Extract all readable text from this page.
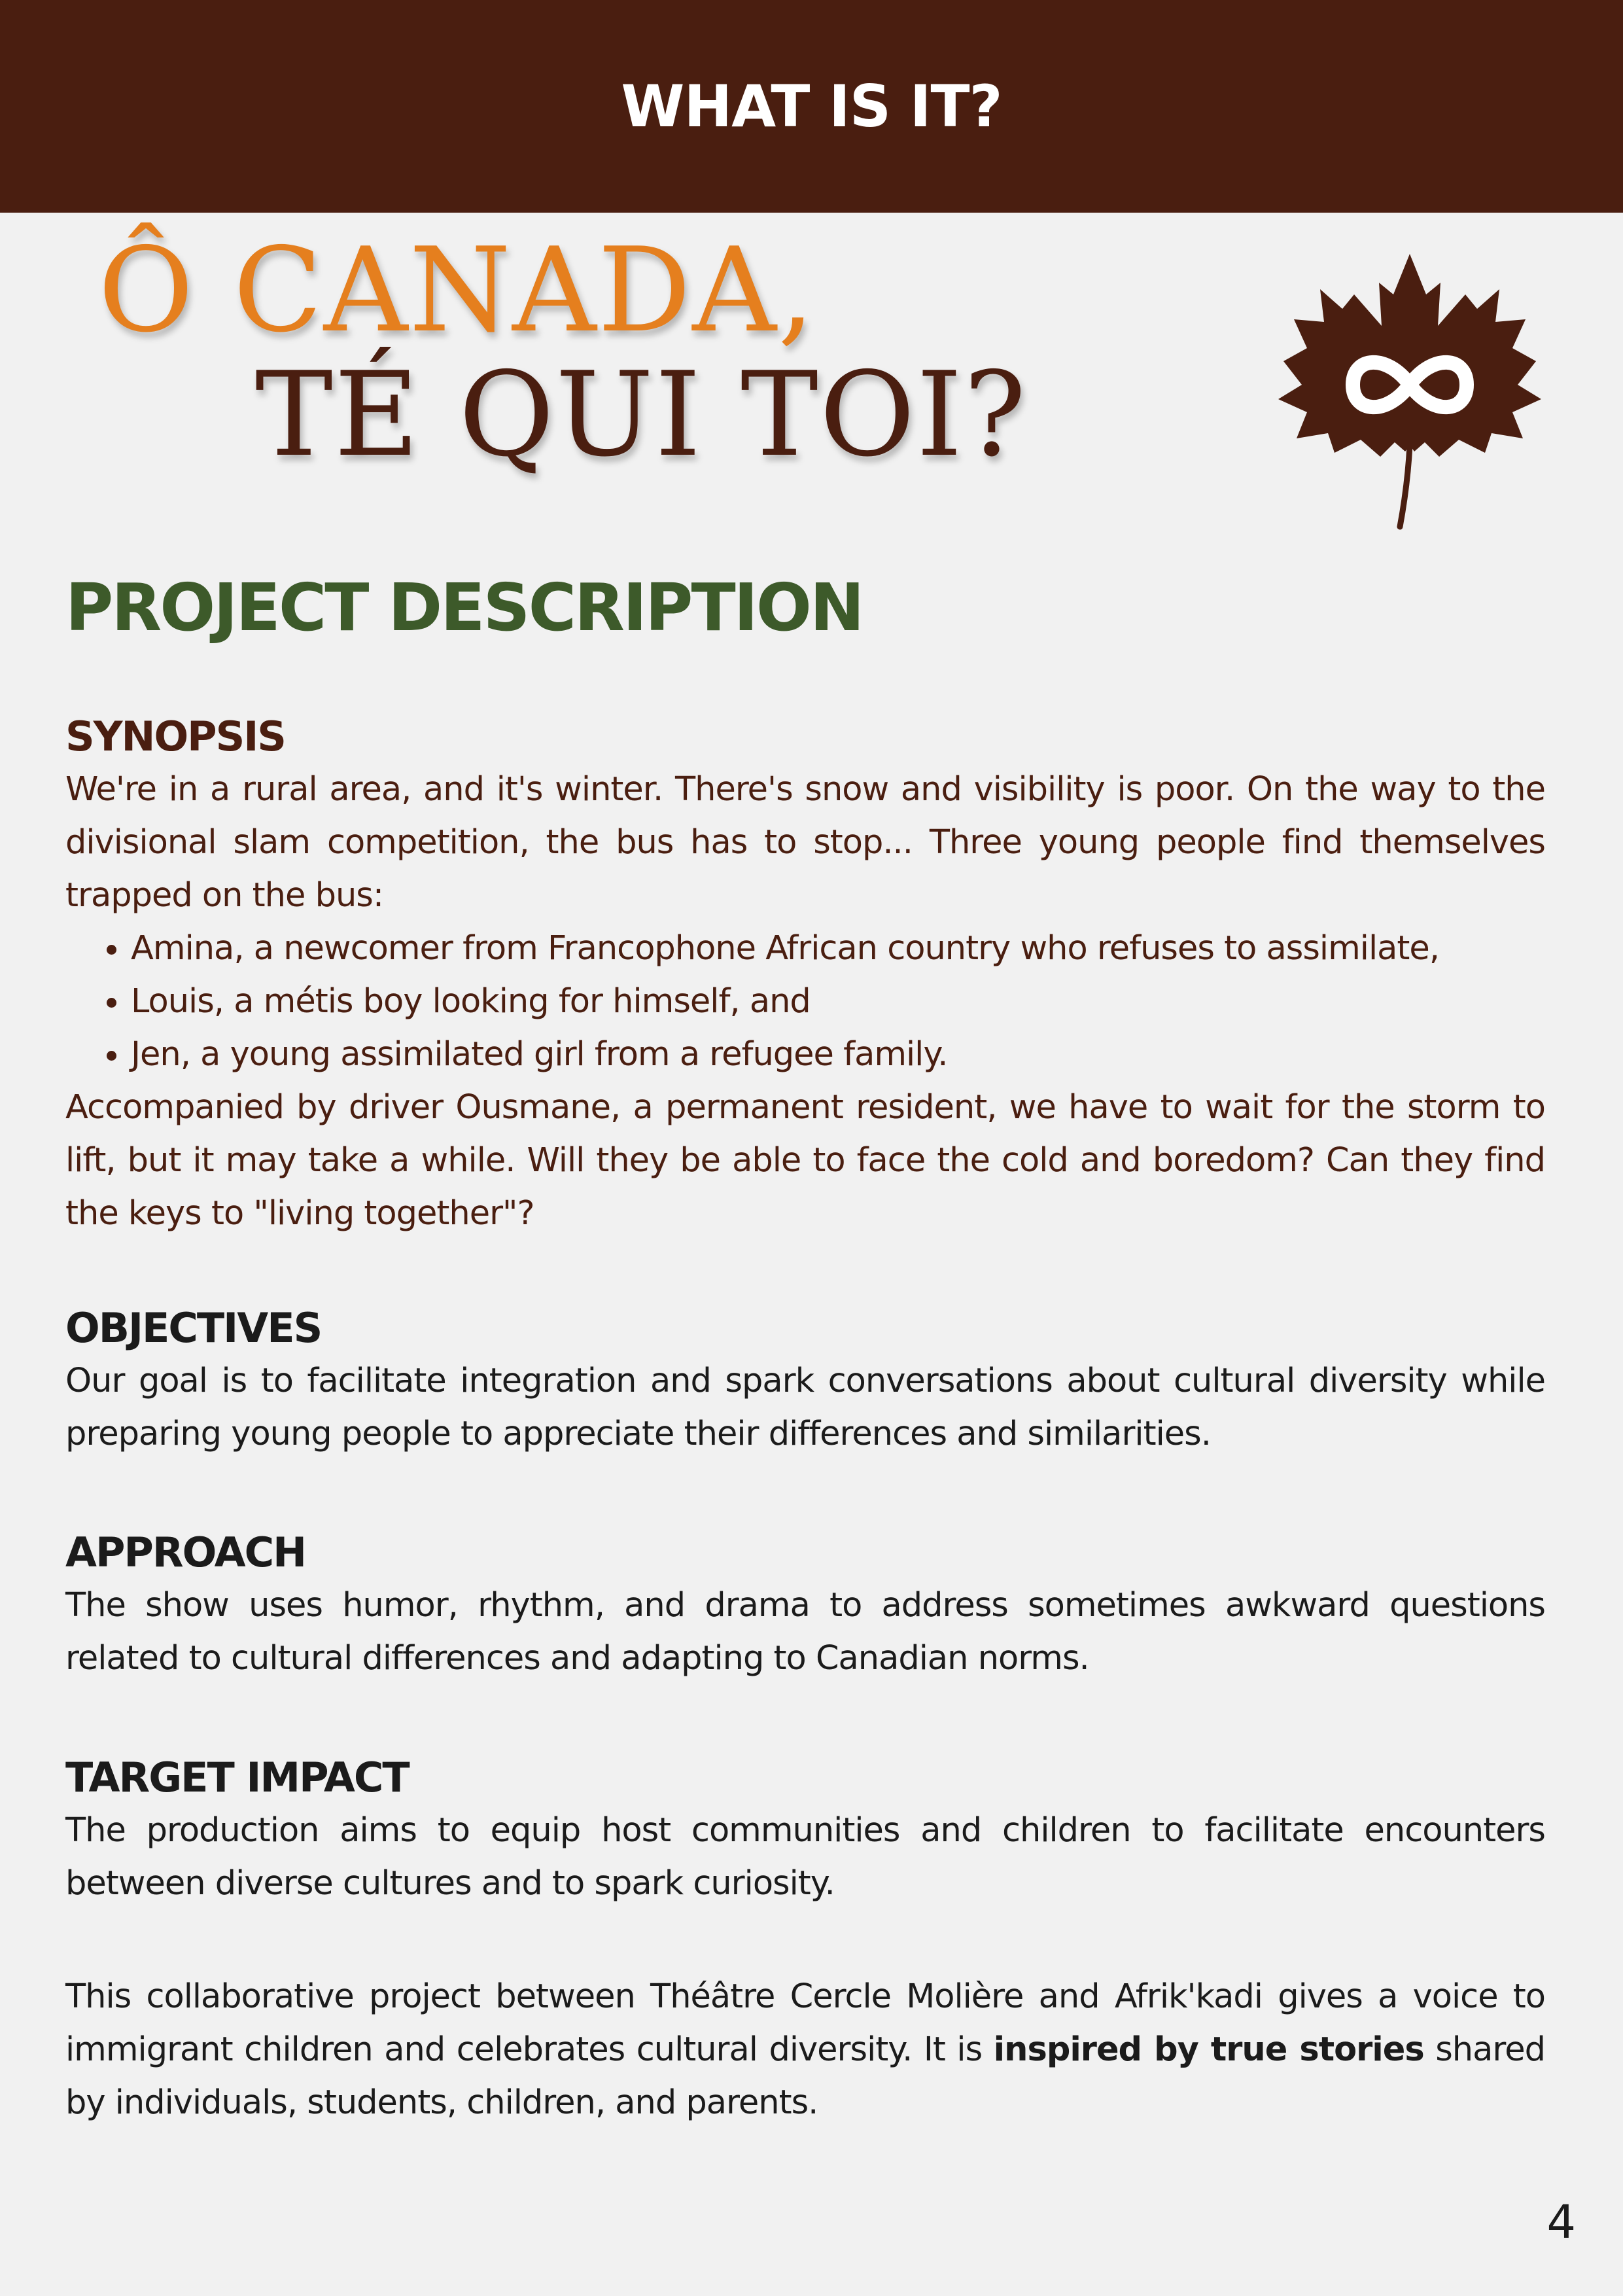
WHAT IS IT?
Ô CANADA,
TÉ QUI TOI?
PROJECT DESCRIPTION
SYNOPSIS
We're in a rural area, and it's winter. There's snow and visibility is poor. On the way to the divisional slam competition, the bus has to stop... Three young people find themselves trapped on the bus:
• Amina, a newcomer from Francophone African country who refuses to assimilate,
• Louis, a métis boy looking for himself, and
• Jen, a young assimilated girl from a refugee family.
Accompanied by driver Ousmane, a permanent resident, we have to wait for the storm to lift, but it may take a while. Will they be able to face the cold and boredom? Can they find the keys to "living together"?
OBJECTIVES
Our goal is to facilitate integration and spark conversations about cultural diversity while preparing young people to appreciate their differences and similarities.
APPROACH
The show uses humor, rhythm, and drama to address sometimes awkward questions related to cultural differences and adapting to Canadian norms.
TARGET IMPACT
The production aims to equip host communities and children to facilitate encounters between diverse cultures and to spark curiosity.
This collaborative project between Théâtre Cercle Molière and Afrik'kadi gives a voice to immigrant children and celebrates cultural diversity. It is inspired by true stories shared by individuals, students, children, and parents.
4
